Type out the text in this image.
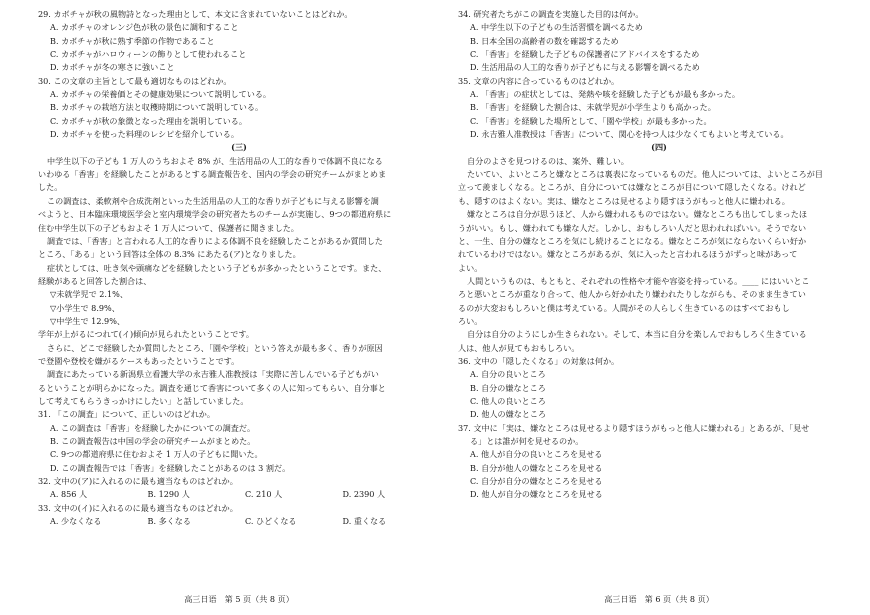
29. カボチャが秋の風物詩となった理由として、本文に含まれていないことはどれか。
A. カボチャのオレンジ色が秋の景色に調和すること
B. カボチャが秋に熟す季節の作物であること
C. カボチャがハロウィーンの飾りとして使われること
D. カボチャが冬の寒さに強いこと
30. この文章の主旨として最も適切なものはどれか。
A. カボチャの栄養価とその健康効果について説明している。
B. カボチャの栽培方法と収穫時期について説明している。
C. カボチャが秋の象徴となった理由を説明している。
D. カボチャを使った料理のレシピを紹介している。
(三)
中学生以下の子ども 1 万人のうちおよそ 8% が、生活用品の人工的な香りで体調不良になる
いわゆる「香害」を経験したことがあるとする調査報告を、国内の学会の研究チームがまとめま
した。
この調査は、柔軟剤や合成洗剤といった生活用品の人工的な香りが子どもに与える影響を調
べようと、日本臨床環境医学会と室内環境学会の研究者たちのチームが実施し、9つの都道府県に
住む中学生以下の子どもおよそ 1 万人について、保護者に聞きました。
調査では、「香害」と言われる人工的な香りによる体調不良を経験したことがあるか質問した
ところ、「ある」という回答は全体の 8.3% にあたる(ア)となりました。
症状としては、吐き気や頭痛などを経験したという子どもが多かったということです。また、
経験があると回答した割合は、
▽未就学児で 2.1%、
▽小学生で 8.9%、
▽中学生で 12.9%、
学年が上がるにつれて(イ)傾向が見られたということです。
さらに、どこで経験したか質問したところ、「園や学校」という答えが最も多く、香りが原因
で登園や登校を嫌がるケースもあったということです。
調査にあたっている新潟県立看護大学の永吉雅人准教授は「実際に苦しんでいる子どもがい
るということが明らかになった。調査を通じて香害について多くの人に知ってもらい、自分事と
して考えてもらうきっかけにしたい」と話していました。
31. 「この調査」について、正しいのはどれか。
A. この調査は「香害」を経験したかについての調査だ。
B. この調査報告は中国の学会の研究チームがまとめた。
C. 9つの都道府県に住むおよそ 1 万人の子どもに聞いた。
D. この調査報告では「香害」を経験したことがあるのは 3 割だ。
32. 文中の(ア)に入れるのに最も適当なものはどれか。
A. 856 人	B. 1290 人	C. 210 人	D. 2390 人
33. 文中の(イ)に入れるのに最も適当なものはどれか。
A. 少なくなる	B. 多くなる	C. ひどくなる	D. 重くなる
34. 研究者たちがこの調査を実施した目的は何か。
A. 中学生以下の子どもの生活習慣を調べるため
B. 日本全国の高齢者の数を確認するため
C. 「香害」を経験した子どもの保護者にアドバイスをするため
D. 生活用品の人工的な香りが子どもに与える影響を調べるため
35. 文章の内容に合っているものはどれか。
A. 「香害」の症状としては、発熱や咳を経験した子どもが最も多かった。
B. 「香害」を経験した割合は、未就学児が小学生よりも高かった。
C. 「香害」を経験した場所として、「園や学校」が最も多かった。
D. 永吉雅人准教授は「香害」について、関心を持つ人は少なくてもよいと考えている。
(四)
自分のよさを見つけるのは、案外、難しい。
たいてい、よいところと嫌なところは裏表になっているものだ。他人については、よいところが目
立って羨ましくなる。ところが、自分については嫌なところが目について隠したくなる。けれど
も、隠すのはよくない。実は、嫌なところは見せるより隠すほうがもっと他人に嫌われる。
嫌なところは自分が思うほど、人から嫌われるものではない。嫌なところも出してしまったほ
うがいい。もし、嫌われても嫌な人だ。しかし、おもしろい人だと思われればいい。そうでない
と、一生、自分の嫌なところを気にし続けることになる。嫌なところが気にならないくらい好か
れているわけではない。嫌なところがあるが、気に入ったと言われるほうがずっと味があって
よい。
人間というものは、もともと、それぞれの性格や才能や容姿を持っている。____ にはいいとこ
ろと悪いところが重なり合って、他人から好かれたり嫌われたりしながらも、そのまま生きてい
るのが大変おもしろいと僕は考えている。人間がその人らしく生きているのはすべておもし
ろい。
自分は自分のようにしか生きられない。そして、本当に自分を楽しんでおもしろく生きている
人は、他人が見てもおもしろい。
36. 文中の「隠したくなる」の対象は何か。
A. 自分の良いところ
B. 自分の嫌なところ
C. 他人の良いところ
D. 他人の嫌なところ
37. 文中に「実は、嫌なところは見せるより隠すほうがもっと他人に嫌われる」とあるが、「見せ
る」とは誰が何を見せるのか。
A. 他人が自分の良いところを見せる
B. 自分が他人の嫌なところを見せる
C. 自分が自分の嫌なところを見せる
D. 他人が自分の嫌なところを見せる
高三日语　第 5 页（共 8 页）	高三日语　第 6 页（共 8 页）
